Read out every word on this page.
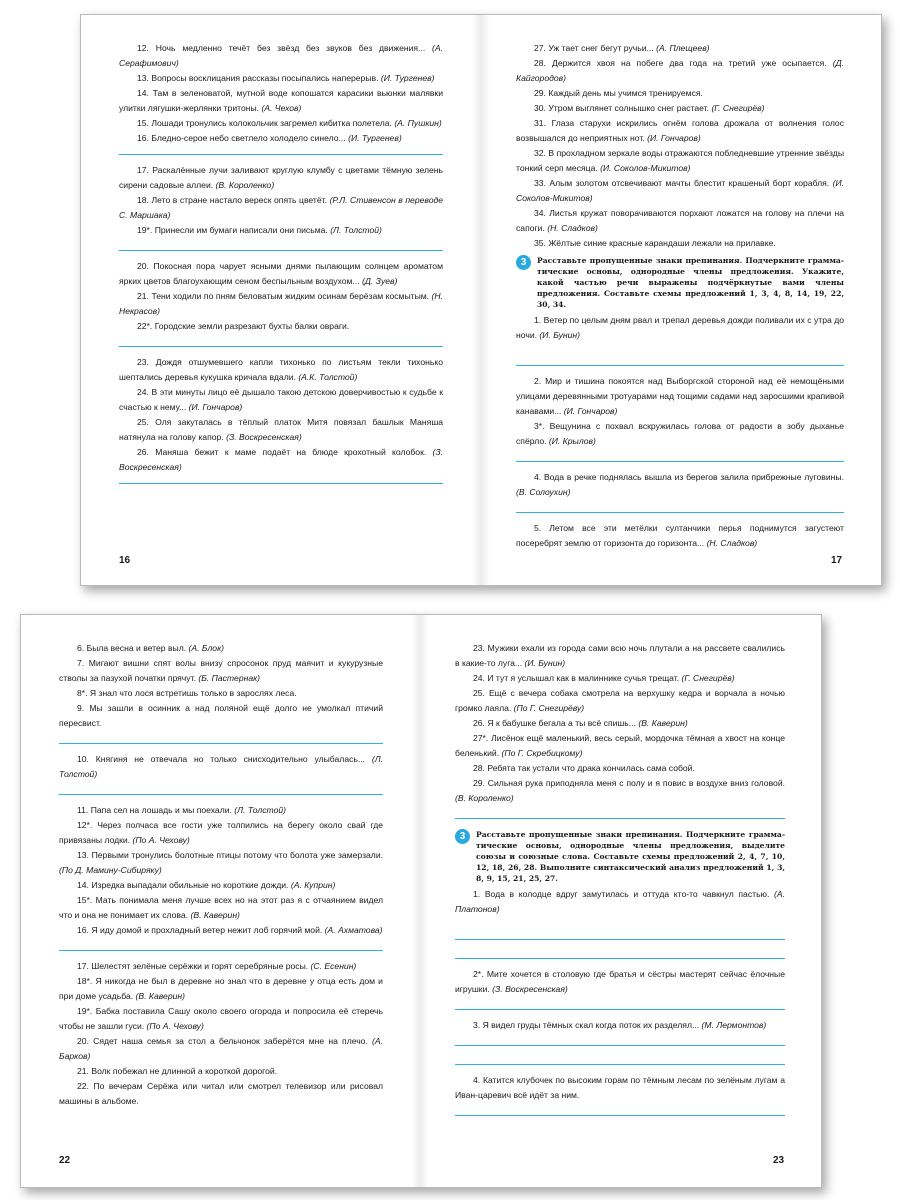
12. Ночь медленно течёт без звёзд без звуков без движения... (А. Серафимович)
13. Вопросы восклицания рассказы посыпались наперерыв. (И. Тургенев)
14. Там в зеленоватой, мутной воде копошатся карасики вьюнки малявки улитки лягушки-жерлянки тритоны. (А. Чехов)
15. Лошади тронулись колокольчик загремел кибитка полетела. (А. Пушкин)
16. Бледно-серое небо светлело холодело синело... (И. Тургенев)
17. Раскалённые лучи заливают круглую клумбу с цветами тёмную зелень сирени садовые аллеи. (В. Короленко)
18. Лето в стране настало вереск опять цветёт. (Р.Л. Стивенсон в переводе С. Маршака)
19*. Принесли им бумаги написали они письма. (Л. Толстой)
20. Покосная пора чарует ясными днями пылающим солнцем ароматом ярких цветов благоухающим сеном беспыльным воздухом... (Д. Зуев)
21. Тени ходили по пням беловатым жидким осинам берёзам космытым. (Н. Некрасов)
22*. Городские земли разрезают бухты балки овраги.
23. Дождя отшумевшего капли тихонько по листьям текли тихонько шептались деревья кукушка кричала вдали. (А.К. Толстой)
24. В эти минуты лицо её дышало такою детскою доверчивостью к судьбе к счастью к нему... (И. Гончаров)
25. Оля закуталась в тёплый платок Митя повязал башлык Маняша натянула на голову капор. (З. Воскресенская)
26. Маняша бежит к маме подаёт на блюде крохотный колобок. (З. Воскресенская)
16
27. Уж тает снег бегут ручьи... (А. Плещеев)
28. Держится хвоя на побеге два года на третий уже осыпается. (Д. Кайгородов)
29. Каждый день мы учимся тренируемся.
30. Утром выглянет солнышко снег растает. (Г. Снегирёв)
31. Глаза старухи искрились огнём голова дрожала от волнения голос возвышался до неприятных нот. (И. Гончаров)
32. В прохладном зеркале воды отражаются побледневшие утренние звёзды тонкий серп месяца. (И. Соколов-Микитов)
33. Алым золотом отсвечивают мачты блестит крашеный борт корабля. (И. Соколов-Микитов)
34. Листья кружат поворачиваются порхают ложатся на голову на плечи на сапоги. (Н. Сладков)
35. Жёлтые синие красные карандаши лежали на прилавке.
3	Расставьте пропущенные знаки препинания. Подчеркните грамматические основы, однородные члены предложения. Укажите, какой частью речи выражены подчёркнутые вами члены предложения. Составьте схемы предложений 1, 3, 4, 8, 14, 19, 22, 30, 34.
1. Ветер по целым дням рвал и трепал деревья дожди поливали их с утра до ночи. (И. Бунин)
2. Мир и тишина покоятся над Выборгской стороной над её немощёными улицами деревянными тротуарами над тощими садами над заросшими крапивой канавами... (И. Гончаров)
3*. Вещунина с похвал вскружилась голова от радости в зобу дыханье спёрло. (И. Крылов)
4. Вода в речке поднялась вышла из берегов залила прибрежные луговины. (В. Солоухин)
5. Летом все эти метёлки султанчики перья поднимутся загустеют посеребрят землю от горизонта до горизонта... (Н. Сладков)
17
6. Была весна и ветер выл. (А. Блок)
7. Мигают вишни спят волы внизу спросонок пруд маячит и кукурузные стволы за пазухой початки прячут. (Б. Пастернак)
8*. Я знал что лося встретишь только в зарослях леса.
9. Мы зашли в осинник а над поляной ещё долго не умолкал птичий пересвист.
10. Княгиня не отвечала но только снисходительно улыбалась... (Л. Толстой)
11. Папа сел на лошадь и мы поехали. (Л. Толстой)
12*. Через полчаса все гости уже толпились на берегу около свай где привязаны лодки. (По А. Чехову)
13. Первыми тронулись болотные птицы потому что болота уже замерзали. (По Д. Мамину-Сибиряку)
14. Изредка выпадали обильные но короткие дожди. (А. Куприн)
15*. Мать понимала меня лучше всех но на этот раз я с отчаянием видел что и она не понимает их слова. (В. Каверин)
16. Я иду домой и прохладный ветер нежит лоб горячий мой. (А. Ахматова)
17. Шелестят зелёные серёжки и горят серебряные росы. (С. Есенин)
18*. Я никогда не был в деревне но знал что в деревне у отца есть дом и при доме усадьба. (В. Каверин)
19*. Бабка поставила Сашу около своего огорода и попросила её стеречь чтобы не зашли гуси. (По А. Чехову)
20. Сядет наша семья за стол а бельчонок заберётся мне на плечо. (А. Барков)
21. Волк побежал не длинной а короткой дорогой.
22. По вечерам Серёжа или читал или смотрел телевизор или рисовал машины в альбоме.
22
23. Мужики ехали из города сами всю ночь плутали а на рассвете свалились в какие-то луга... (И. Бунин)
24. И тут я услышал как в малиннике сучья трещат. (Г. Снегирёв)
25. Ещё с вечера собака смотрела на верхушку кедра и ворчала а ночью громко лаяла. (По Г. Снегирёву)
26. Я к бабушке бегала а ты всё спишь... (В. Каверин)
27*. Лисёнок ещё маленький, весь серый, мордочка тёмная а хвост на конце беленький. (По Г. Скребицкому)
28. Ребята так устали что драка кончилась сама собой.
29. Сильная рука приподняла меня с полу и я повис в воздухе вниз головой. (В. Короленко)
3	Расставьте пропущенные знаки препинания. Подчеркните грамматические основы, однородные члены предложения, выделите союзы и союзные слова. Составьте схемы предложений 2, 4, 7, 10, 12, 18, 26, 28. Выполните синтаксический анализ предложений 1, 3, 8, 9, 15, 21, 25, 27.
1. Вода в колодце вдруг замутилась и оттуда кто-то чавкнул пастью. (А. Платонов)
2*. Мите хочется в столовую где братья и сёстры мастерят сейчас ёлочные игрушки. (З. Воскресенская)
3. Я видел груды тёмных скал когда поток их разделял... (М. Лермонтов)
4. Катится клубочек по высоким горам по тёмным лесам по зелёным лугам а Иван-царевич всё идёт за ним.
23
